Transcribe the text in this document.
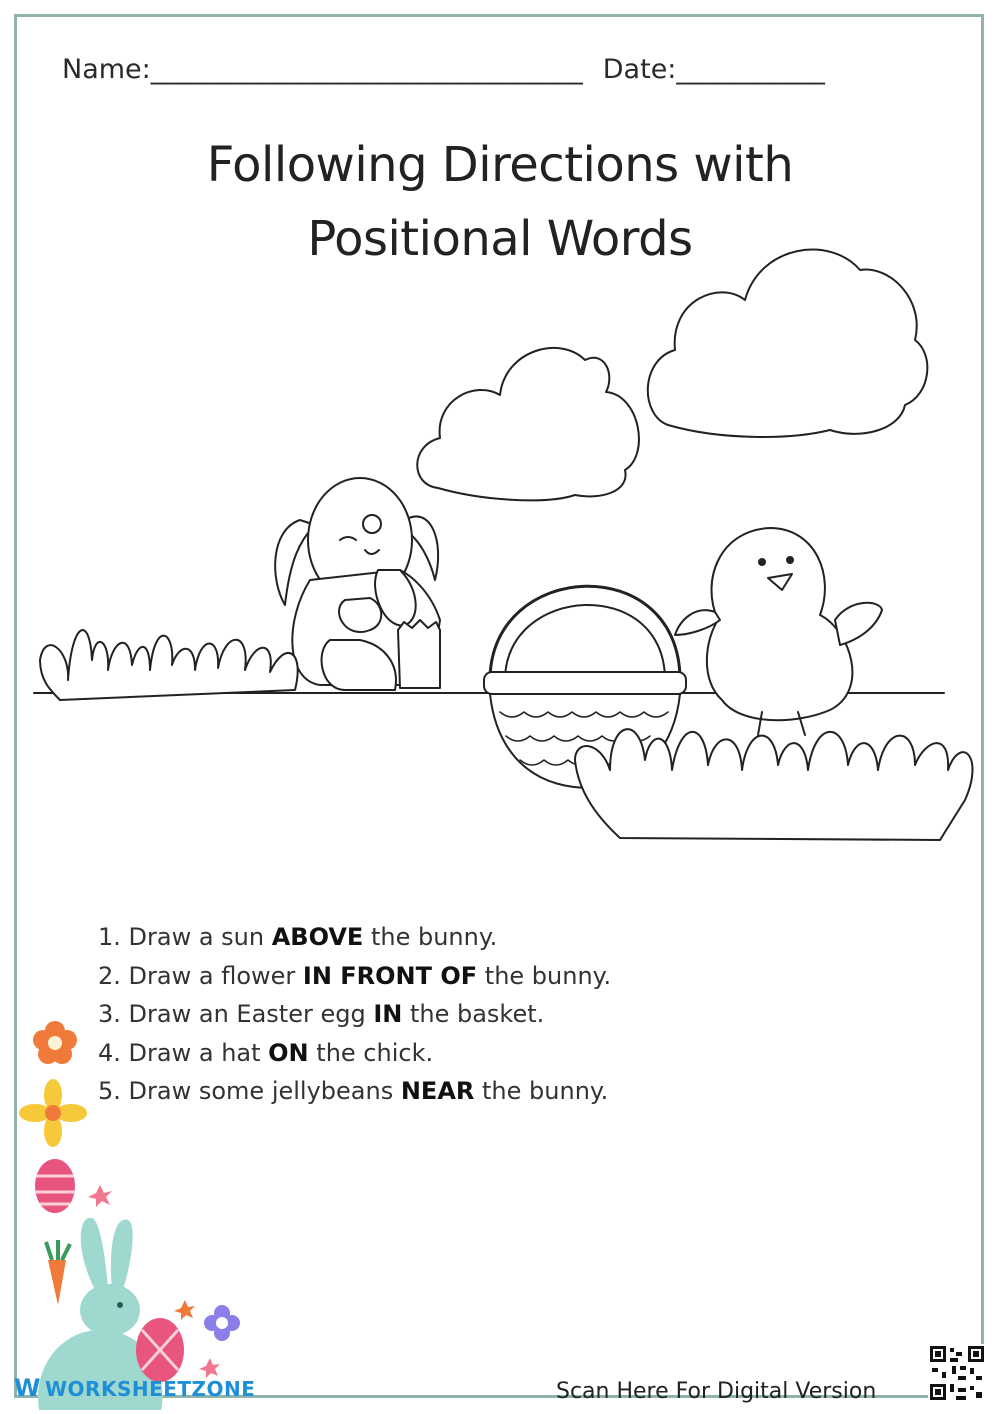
Name:________________________________ Date:___________
Following Directions with
Positional Words
1. Draw a sun ABOVE the bunny.
2. Draw a flower IN FRONT OF the bunny.
3. Draw an Easter egg IN the basket.
4. Draw a hat ON the chick.
5. Draw some jellybeans NEAR the bunny.
W WORKSHEETZONE	Scan Here For Digital Version
